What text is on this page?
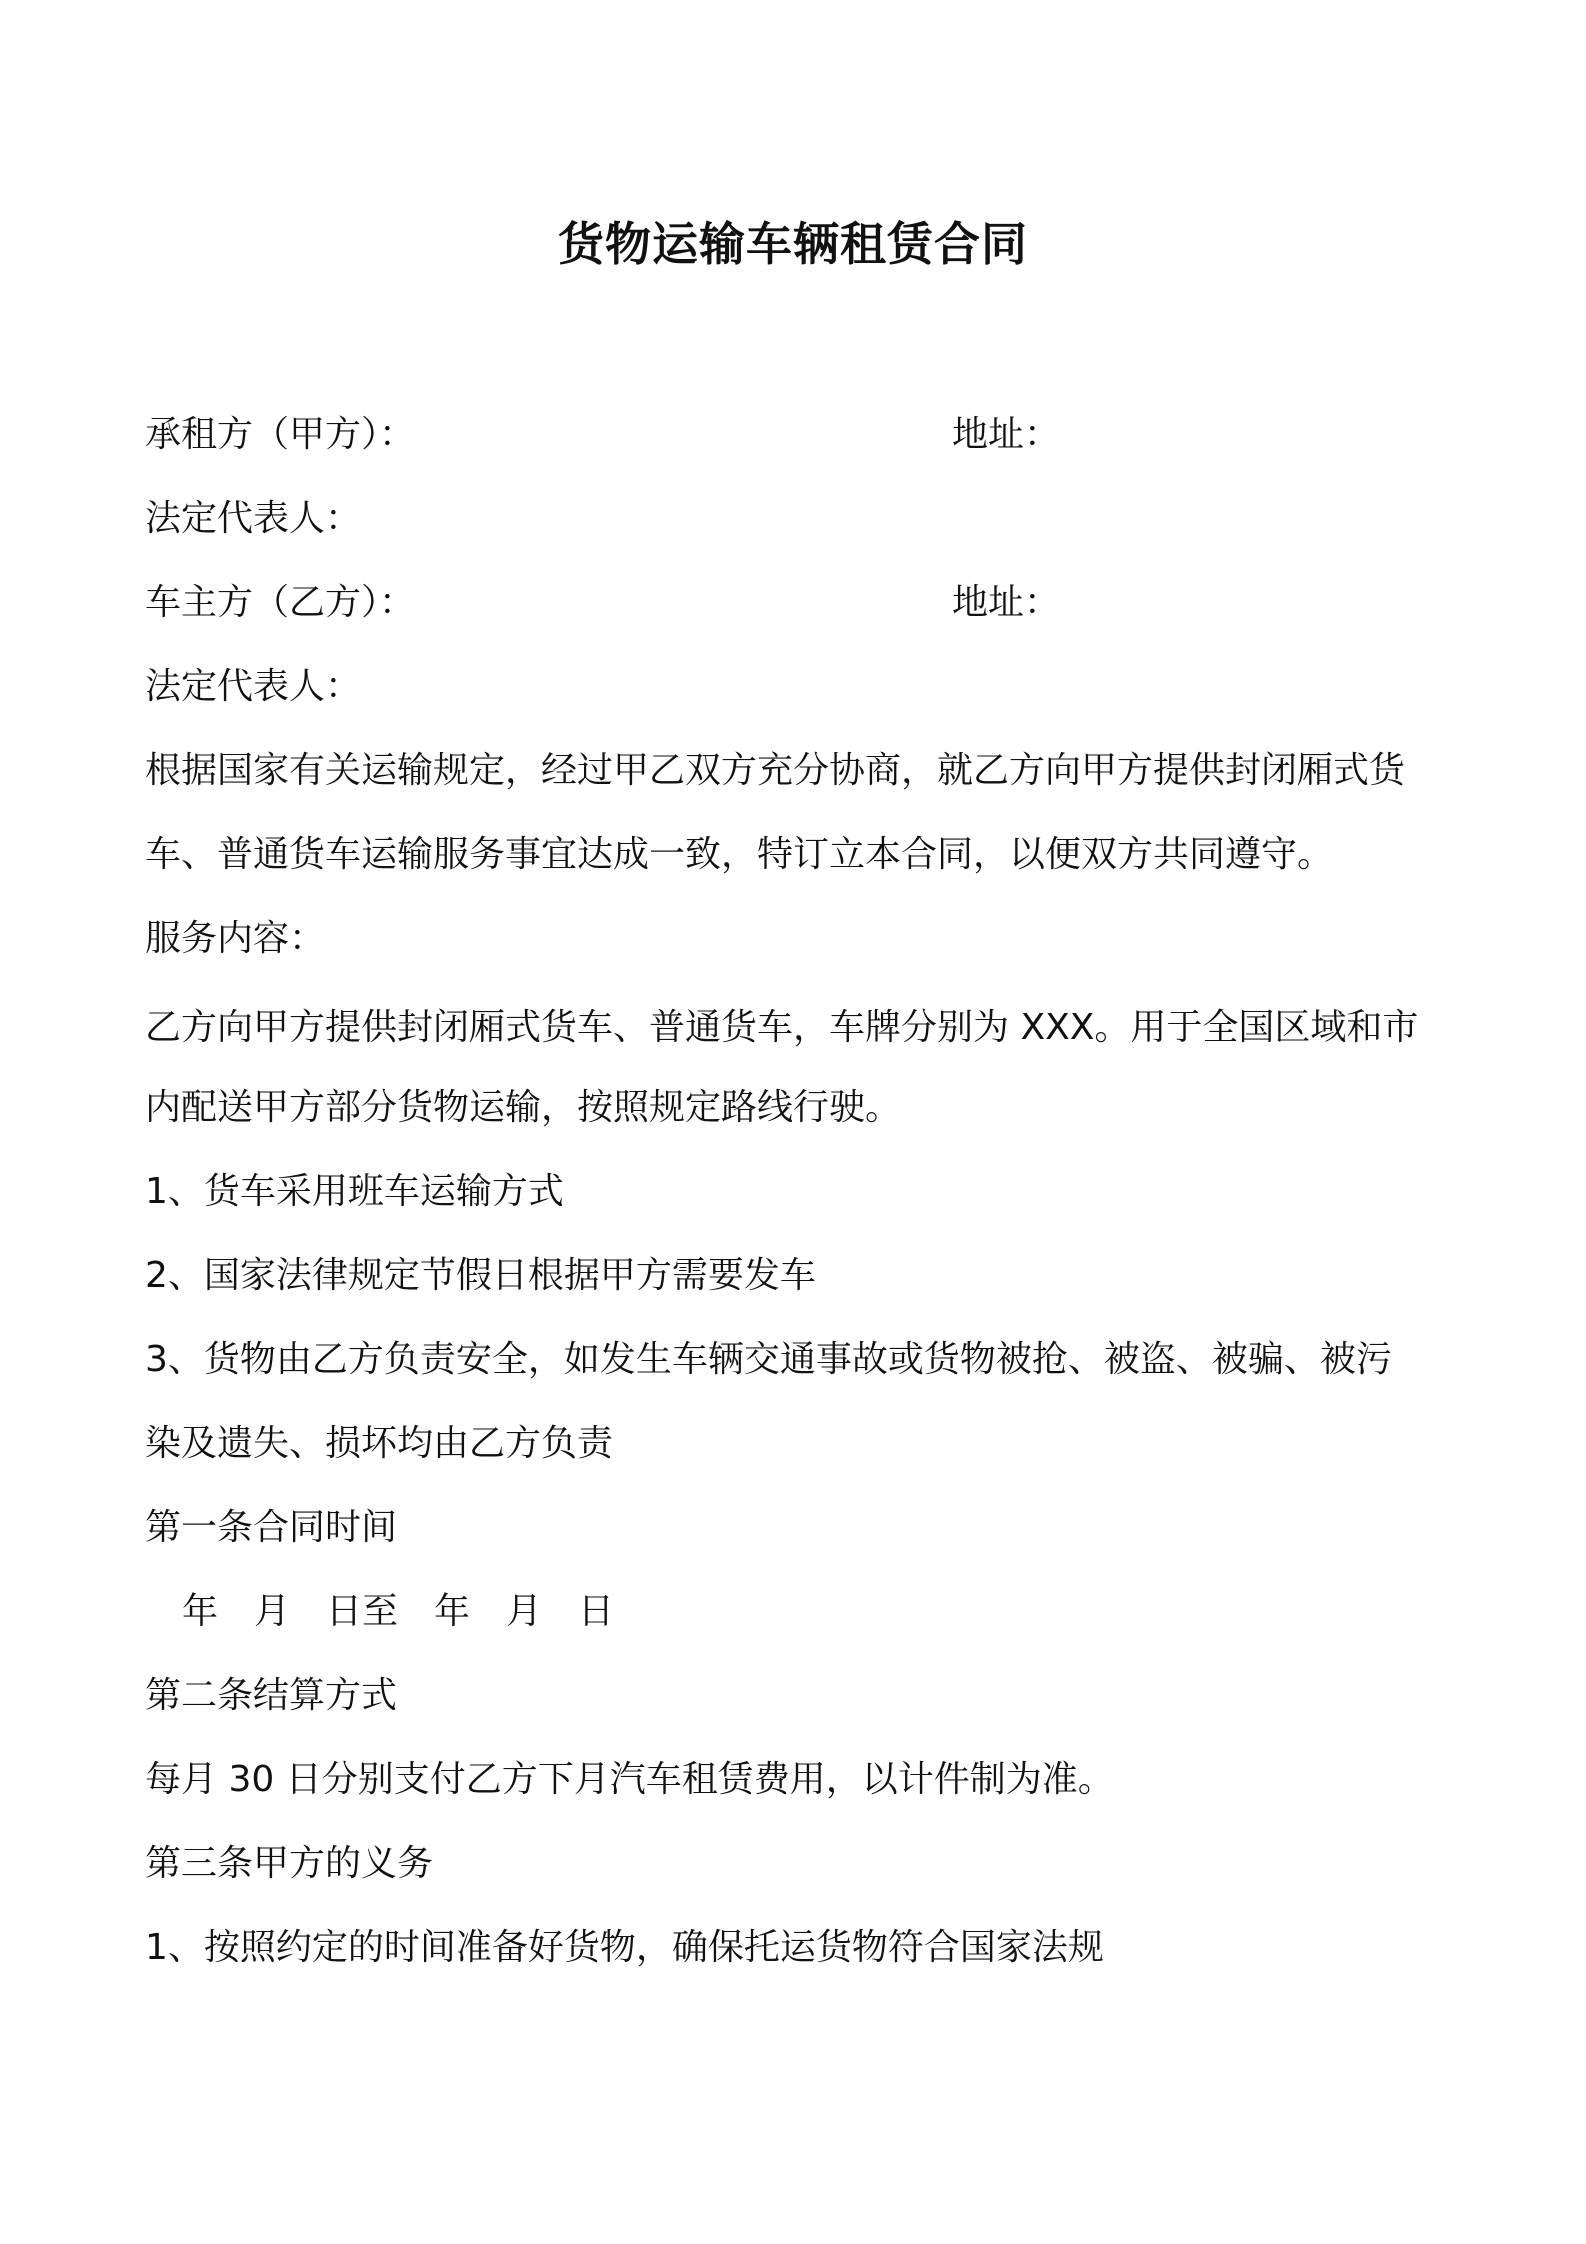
货物运输车辆租赁合同
承租方（甲方）：	地址：
法定代表人：
车主方（乙方）：	地址：
法定代表人：
根据国家有关运输规定，经过甲乙双方充分协商，就乙方向甲方提供封闭厢式货
车、普通货车运输服务事宜达成一致，特订立本合同，以便双方共同遵守。
服务内容：
乙方向甲方提供封闭厢式货车、普通货车，车牌分别为 XXX。用于全国区域和市
内配送甲方部分货物运输，按照规定路线行驶。
1、货车采用班车运输方式
2、国家法律规定节假日根据甲方需要发车
3、货物由乙方负责安全，如发生车辆交通事故或货物被抢、被盗、被骗、被污
染及遗失、损坏均由乙方负责
第一条合同时间
年　月　日至　年　月　日
第二条结算方式
每月 30 日分别支付乙方下月汽车租赁费用，以计件制为准。
第三条甲方的义务
1、按照约定的时间准备好货物，确保托运货物符合国家法规
